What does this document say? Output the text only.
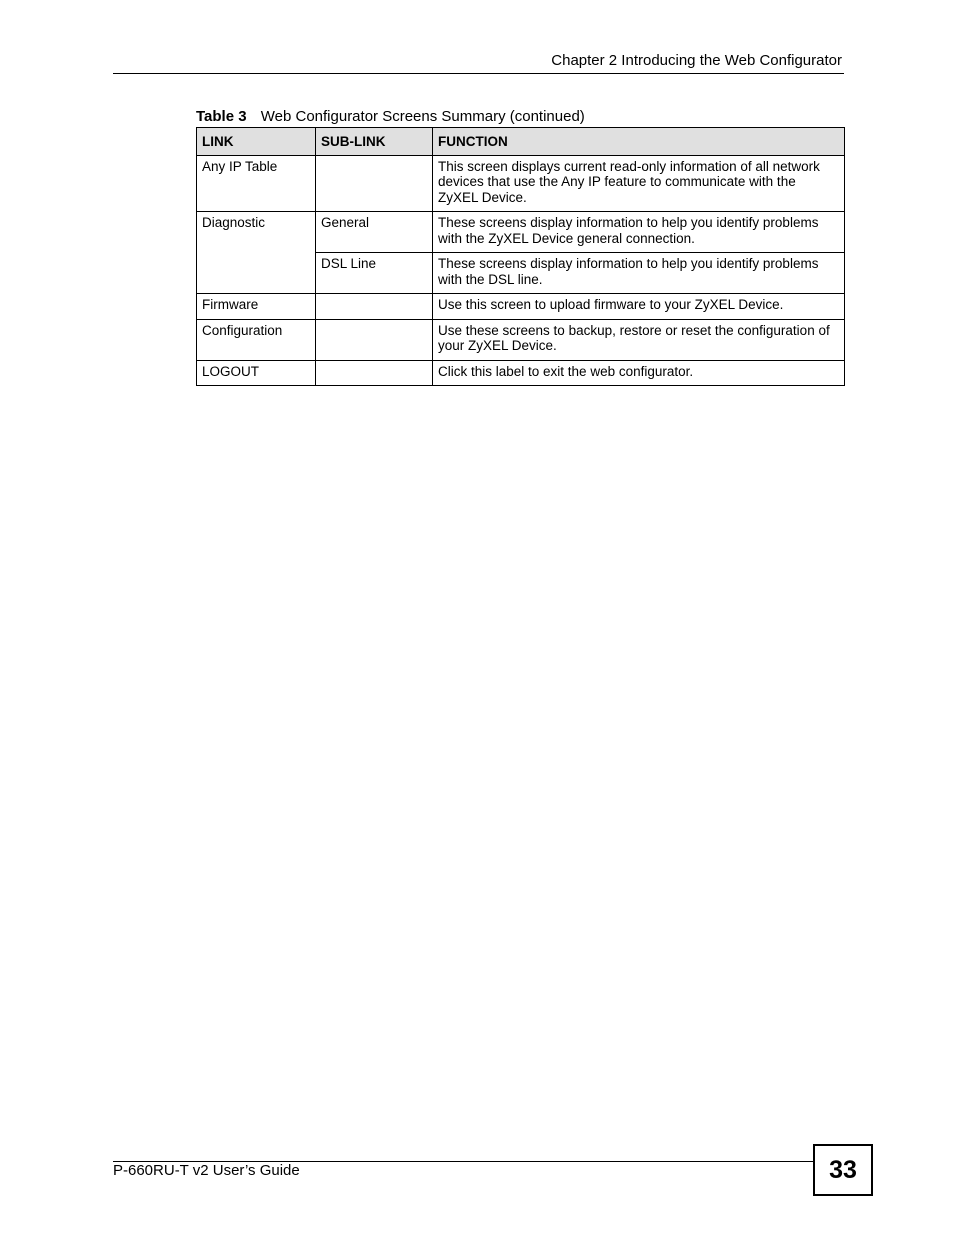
Chapter 2 Introducing the Web Configurator
Table 3 Web Configurator Screens Summary (continued)
LINK	SUB-LINK	FUNCTION
Any IP Table		This screen displays current read-only information of all network devices that use the Any IP feature to communicate with the ZyXEL Device.
Diagnostic	General	These screens display information to help you identify problems with the ZyXEL Device general connection.
	DSL Line	These screens display information to help you identify problems with the DSL line.
Firmware		Use this screen to upload firmware to your ZyXEL Device.
Configuration		Use these screens to backup, restore or reset the configuration of your ZyXEL Device.
LOGOUT		Click this label to exit the web configurator.
P-660RU-T v2 User’s Guide	33
